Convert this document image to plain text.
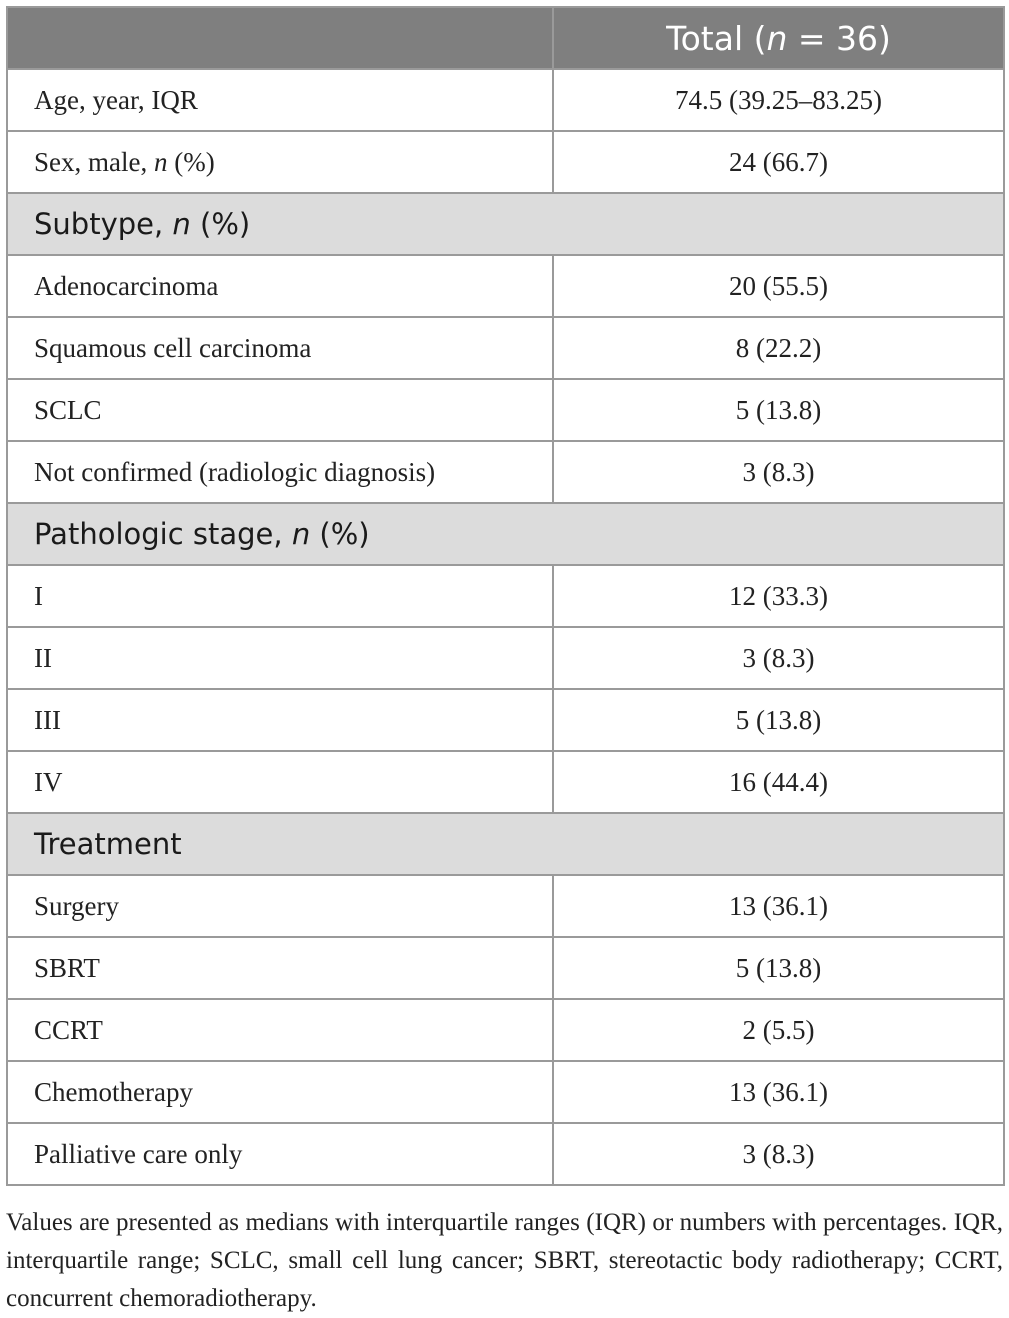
	Total (n = 36)
Age, year, IQR	74.5 (39.25–83.25)
Sex, male, n (%)	24 (66.7)
Subtype, n (%)	
Adenocarcinoma	20 (55.5)
Squamous cell carcinoma	8 (22.2)
SCLC	5 (13.8)
Not confirmed (radiologic diagnosis)	3 (8.3)
Pathologic stage, n (%)	
I	12 (33.3)
II	3 (8.3)
III	5 (13.8)
IV	16 (44.4)
Treatment	
Surgery	13 (36.1)
SBRT	5 (13.8)
CCRT	2 (5.5)
Chemotherapy	13 (36.1)
Palliative care only	3 (8.3)

Values are presented as medians with interquartile ranges (IQR) or numbers with percentages. IQR, interquartile range; SCLC, small cell lung cancer; SBRT, stereotactic body radiotherapy; CCRT, concurrent chemoradiotherapy.
